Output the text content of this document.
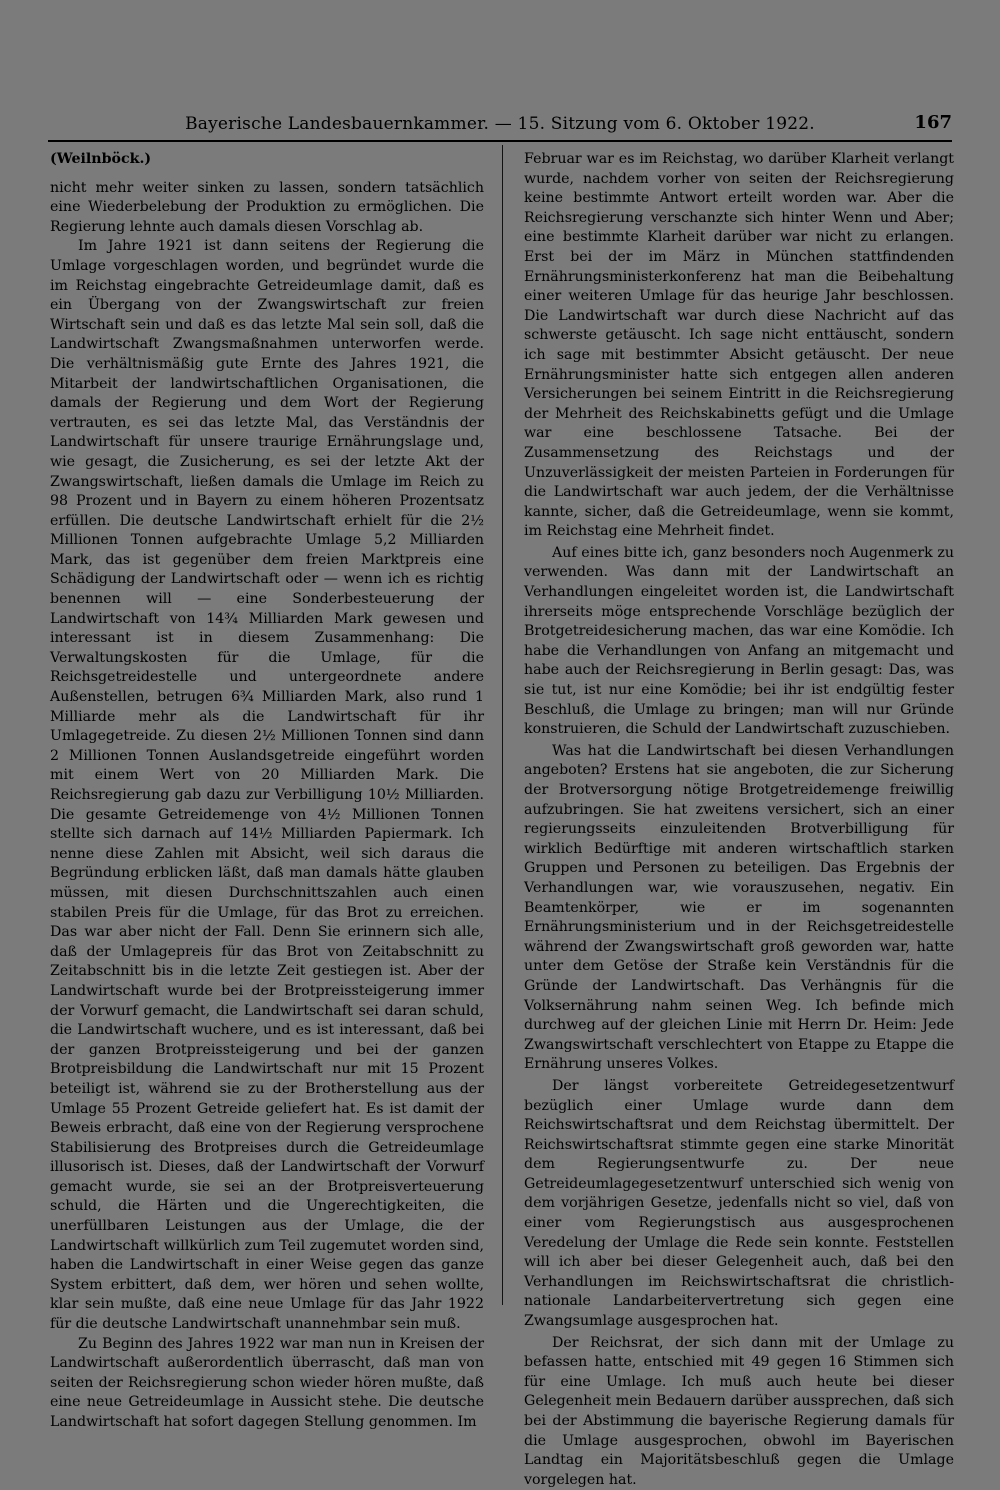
Bayerische Landesbauernkammer. — 15. Sitzung vom 6. Oktober 1922.	167

(Weilnböck.)

nicht mehr weiter sinken zu lassen, sondern tatsächlich eine Wiederbelebung der Produktion zu ermöglichen. Die Regierung lehnte auch damals diesen Vorschlag ab.

Im Jahre 1921 ist dann seitens der Regierung die Umlage vorgeschlagen worden, und begründet wurde die im Reichstag eingebrachte Getreideumlage damit, daß es ein Übergang von der Zwangswirtschaft zur freien Wirtschaft sein und daß es das letzte Mal sein soll, daß die Landwirtschaft Zwangsmaßnahmen unterworfen werde. Die verhältnismäßig gute Ernte des Jahres 1921, die Mitarbeit der landwirtschaftlichen Organisationen, die damals der Regierung und dem Wort der Regierung vertrauten, es sei das letzte Mal, das Verständnis der Landwirtschaft für unsere traurige Ernährungslage und, wie gesagt, die Zusicherung, es sei der letzte Akt der Zwangswirtschaft, ließen damals die Umlage im Reich zu 98 Prozent und in Bayern zu einem höheren Prozentsatz erfüllen. Die deutsche Landwirtschaft erhielt für die 2½ Millionen Tonnen aufgebrachte Umlage 5,2 Milliarden Mark, das ist gegenüber dem freien Marktpreis eine Schädigung der Landwirtschaft oder — wenn ich es richtig benennen will — eine Sonderbesteuerung der Landwirtschaft von 14¾ Milliarden Mark gewesen und interessant ist in diesem Zusammenhang: Die Verwaltungskosten für die Umlage, für die Reichsgetreidestelle und untergeordnete andere Außenstellen, betrugen 6¾ Milliarden Mark, also rund 1 Milliarde mehr als die Landwirtschaft für ihr Umlagegetreide. Zu diesen 2½ Millionen Tonnen sind dann 2 Millionen Tonnen Auslandsgetreide eingeführt worden mit einem Wert von 20 Milliarden Mark. Die Reichsregierung gab dazu zur Verbilligung 10½ Milliarden. Die gesamte Getreidemenge von 4½ Millionen Tonnen stellte sich darnach auf 14½ Milliarden Papiermark. Ich nenne diese Zahlen mit Absicht, weil sich daraus die Begründung erblicken läßt, daß man damals hätte glauben müssen, mit diesen Durchschnittszahlen auch einen stabilen Preis für die Umlage, für das Brot zu erreichen. Das war aber nicht der Fall. Denn Sie erinnern sich alle, daß der Umlagepreis für das Brot von Zeitabschnitt zu Zeitabschnitt bis in die letzte Zeit gestiegen ist. Aber der Landwirtschaft wurde bei der Brotpreissteigerung immer der Vorwurf gemacht, die Landwirtschaft sei daran schuld, die Landwirtschaft wuchere, und es ist interessant, daß bei der ganzen Brotpreissteigerung und bei der ganzen Brotpreisbildung die Landwirtschaft nur mit 15 Prozent beteiligt ist, während sie zu der Brotherstellung aus der Umlage 55 Prozent Getreide geliefert hat. Es ist damit der Beweis erbracht, daß eine von der Regierung versprochene Stabilisierung des Brotpreises durch die Getreideumlage illusorisch ist. Dieses, daß der Landwirtschaft der Vorwurf gemacht wurde, sie sei an der Brotpreisverteuerung schuld, die Härten und die Ungerechtigkeiten, die unerfüllbaren Leistungen aus der Umlage, die der Landwirtschaft willkürlich zum Teil zugemutet worden sind, haben die Landwirtschaft in einer Weise gegen das ganze System erbittert, daß dem, wer hören und sehen wollte, klar sein mußte, daß eine neue Umlage für das Jahr 1922 für die deutsche Landwirtschaft unannehmbar sein muß.

Zu Beginn des Jahres 1922 war man nun in Kreisen der Landwirtschaft außerordentlich überrascht, daß man von seiten der Reichsregierung schon wieder hören mußte, daß eine neue Getreideumlage in Aussicht stehe. Die deutsche Landwirtschaft hat sofort dagegen Stellung genommen. Im

Februar war es im Reichstag, wo darüber Klarheit verlangt wurde, nachdem vorher von seiten der Reichsregierung keine bestimmte Antwort erteilt worden war. Aber die Reichsregierung verschanzte sich hinter Wenn und Aber; eine bestimmte Klarheit darüber war nicht zu erlangen. Erst bei der im März in München stattfindenden Ernährungsministerkonferenz hat man die Beibehaltung einer weiteren Umlage für das heurige Jahr beschlossen. Die Landwirtschaft war durch diese Nachricht auf das schwerste getäuscht. Ich sage nicht enttäuscht, sondern ich sage mit bestimmter Absicht getäuscht. Der neue Ernährungsminister hatte sich entgegen allen anderen Versicherungen bei seinem Eintritt in die Reichsregierung der Mehrheit des Reichskabinetts gefügt und die Umlage war eine beschlossene Tatsache. Bei der Zusammensetzung des Reichstags und der Unzuverlässigkeit der meisten Parteien in Forderungen für die Landwirtschaft war auch jedem, der die Verhältnisse kannte, sicher, daß die Getreideumlage, wenn sie kommt, im Reichstag eine Mehrheit findet.

Auf eines bitte ich, ganz besonders noch Augenmerk zu verwenden. Was dann mit der Landwirtschaft an Verhandlungen eingeleitet worden ist, die Landwirtschaft ihrerseits möge entsprechende Vorschläge bezüglich der Brotgetreidesicherung machen, das war eine Komödie. Ich habe die Verhandlungen von Anfang an mitgemacht und habe auch der Reichsregierung in Berlin gesagt: Das, was sie tut, ist nur eine Komödie; bei ihr ist endgültig fester Beschluß, die Umlage zu bringen; man will nur Gründe konstruieren, die Schuld der Landwirtschaft zuzuschieben.

Was hat die Landwirtschaft bei diesen Verhandlungen angeboten? Erstens hat sie angeboten, die zur Sicherung der Brotversorgung nötige Brotgetreidemenge freiwillig aufzubringen. Sie hat zweitens versichert, sich an einer regierungsseits einzuleitenden Brotverbilligung für wirklich Bedürftige mit anderen wirtschaftlich starken Gruppen und Personen zu beteiligen. Das Ergebnis der Verhandlungen war, wie vorauszusehen, negativ. Ein Beamtenkörper, wie er im sogenannten Ernährungsministerium und in der Reichsgetreidestelle während der Zwangswirtschaft groß geworden war, hatte unter dem Getöse der Straße kein Verständnis für die Gründe der Landwirtschaft. Das Verhängnis für die Volksernährung nahm seinen Weg. Ich befinde mich durchweg auf der gleichen Linie mit Herrn Dr. Heim: Jede Zwangswirtschaft verschlechtert von Etappe zu Etappe die Ernährung unseres Volkes.

Der längst vorbereitete Getreidegesetzentwurf bezüglich einer Umlage wurde dann dem Reichswirtschaftsrat und dem Reichstag übermittelt. Der Reichswirtschaftsrat stimmte gegen eine starke Minorität dem Regierungsentwurfe zu. Der neue Getreideumlagegesetzentwurf unterschied sich wenig von dem vorjährigen Gesetze, jedenfalls nicht so viel, daß von einer vom Regierungstisch aus ausgesprochenen Veredelung der Umlage die Rede sein konnte. Feststellen will ich aber bei dieser Gelegenheit auch, daß bei den Verhandlungen im Reichswirtschaftsrat die christlich-nationale Landarbeitervertretung sich gegen eine Zwangsumlage ausgesprochen hat.

Der Reichsrat, der sich dann mit der Umlage zu befassen hatte, entschied mit 49 gegen 16 Stimmen sich für eine Umlage. Ich muß auch heute bei dieser Gelegenheit mein Bedauern darüber aussprechen, daß sich bei der Abstimmung die bayerische Regierung damals für die Umlage ausgesprochen, obwohl im Bayerischen Landtag ein Majoritätsbeschluß gegen die Umlage vorgelegen hat.
